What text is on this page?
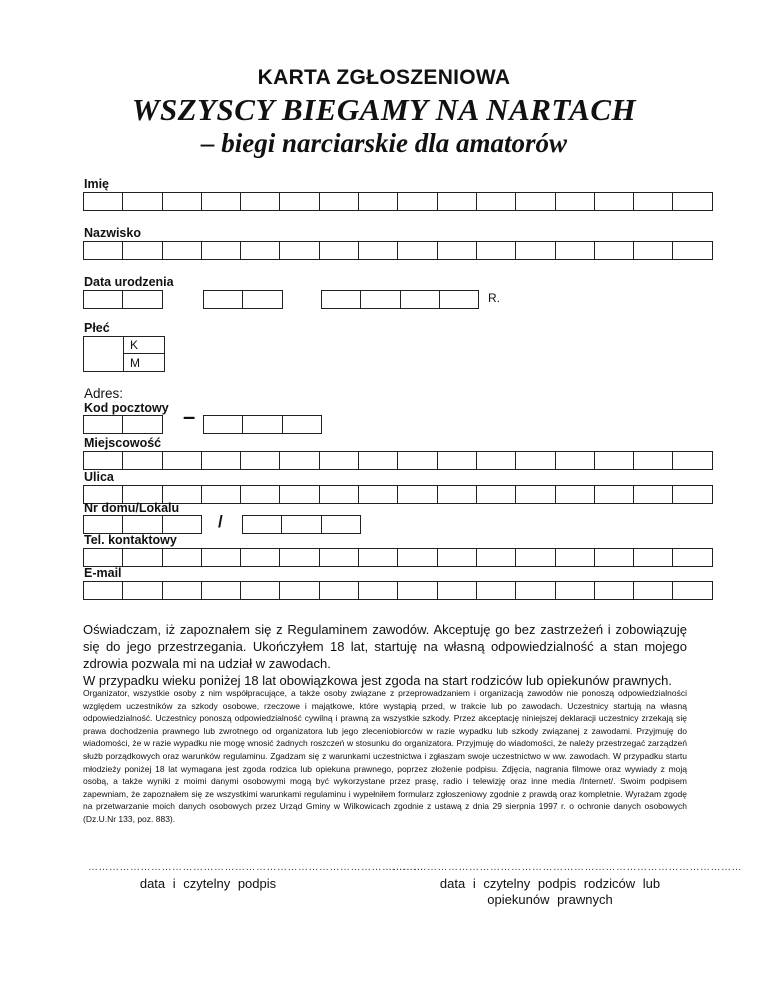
KARTA ZGŁOSZENIOWA
WSZYSCY BIEGAMY NA NARTACH
– biegi narciarskie dla amatorów
Imię
Nazwisko
Data urodzenia
R.
Płeć
K
M
Adres:
Kod pocztowy –
Miejscowość
Ulica
Nr domu/Lokalu
/
Tel. kontaktowy
E-mail

Oświadczam, iż zapoznałem się z Regulaminem zawodów. Akceptuję go bez zastrzeżeń i zobowiązuję się do jego przestrzegania. Ukończyłem 18 lat, startuję na własną odpowiedzialność a stan mojego zdrowia pozwala mi na udział w zawodach.

W przypadku wieku poniżej 18 lat obowiązkowa jest zgoda na start rodziców lub opiekunów prawnych.

Organizator, wszystkie osoby z nim współpracujące, a także osoby związane z przeprowadzaniem i organizacją zawodów nie ponoszą odpowiedzialności względem uczestników za szkody osobowe, rzeczowe i majątkowe, które wystąpią przed, w trakcie lub po zawodach. Uczestnicy startują na własną odpowiedzialność. Uczestnicy ponoszą odpowiedzialność cywilną i prawną za wszystkie szkody. Przez akceptację niniejszej deklaracji uczestnicy zrzekają się prawa dochodzenia prawnego lub zwrotnego od organizatora lub jego zleceniobiorców w razie wypadku lub szkody związanej z zawodami. Przyjmuję do wiadomości, że w razie wypadku nie mogę wnosić żadnych roszczeń w stosunku do organizatora. Przyjmuję do wiadomości, że należy przestrzegać zarządzeń służb porządkowych oraz warunków regulaminu. Zgadzam się z warunkami uczestnictwa i zgłaszam swoje uczestnictwo w ww. zawodach. W przypadku startu młodzieży poniżej 18 lat wymagana jest zgoda rodzica lub opiekuna prawnego, poprzez złożenie podpisu. Zdjęcia, nagrania filmowe oraz wywiady z moją osobą, a także wyniki z moimi danymi osobowymi mogą być wykorzystane przez prasę, radio i telewizję oraz inne media /Internet/. Swoim podpisem zapewniam, że zapoznałem się ze wszystkimi warunkami regulaminu i wypełniłem formularz zgłoszeniowy zgodnie z prawdą oraz kompletnie. Wyrażam zgodę na przetwarzanie moich danych osobowych przez Urząd Gminy w Wilkowicach zgodnie z ustawą z dnia 29 sierpnia 1997 r. o ochronie danych osobowych (Dz.U.Nr 133, poz. 883).
……………………………………………………………………………………
…………………………………………………………………………………………
data i czytelny podpis	data i czytelny podpis rodziców lub opiekunów prawnych
